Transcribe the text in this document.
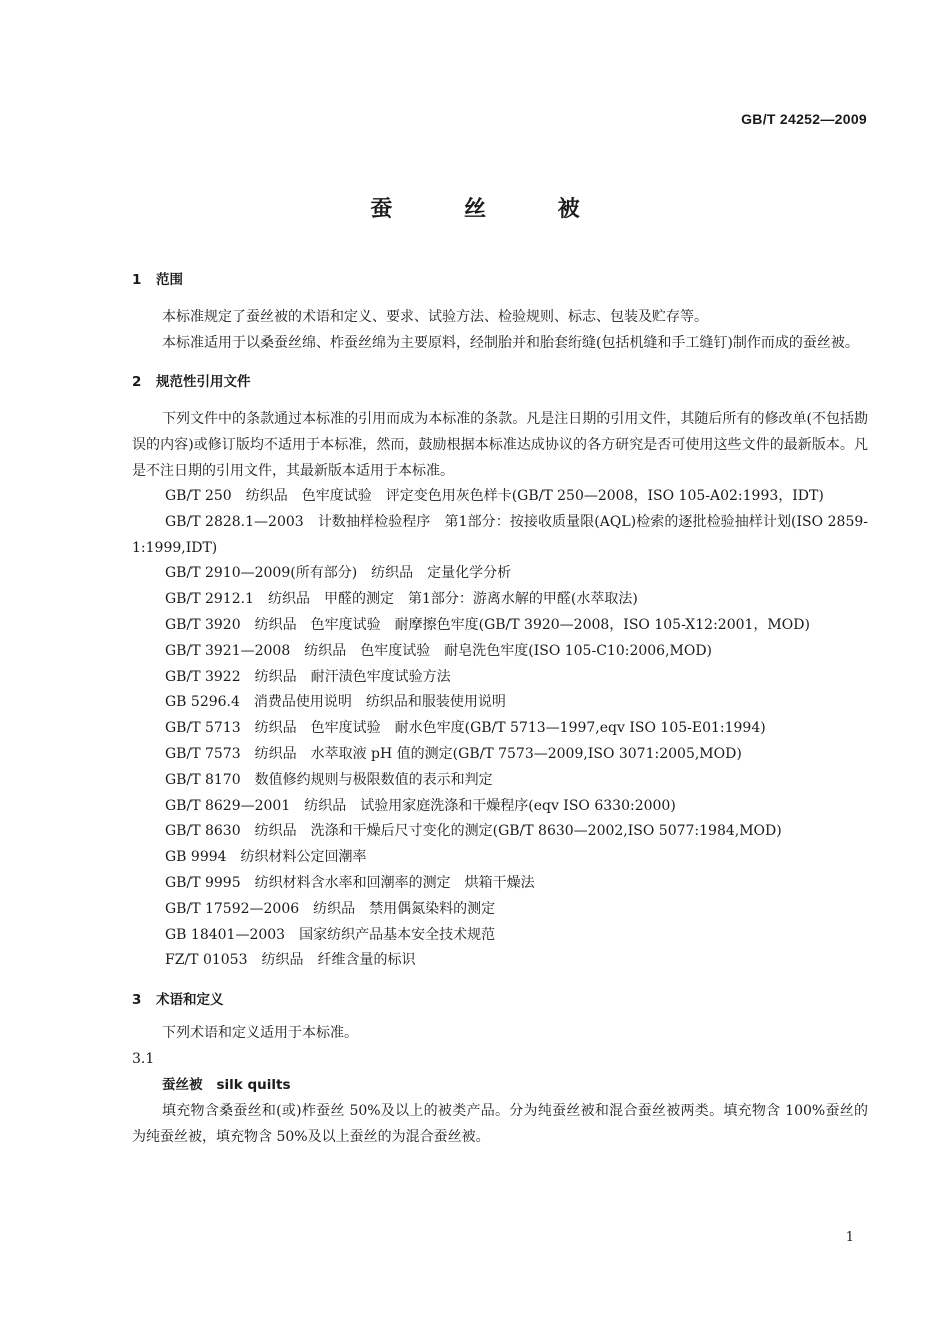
GB/T 24252—2009
蚕 丝 被
1 范围

本标准规定了蚕丝被的术语和定义、要求、试验方法、检验规则、标志、包装及贮存等。

本标准适用于以桑蚕丝绵、柞蚕丝绵为主要原料，经制胎并和胎套绗缝(包括机缝和手工缝钉)制作而成的蚕丝被。

2 规范性引用文件

下列文件中的条款通过本标准的引用而成为本标准的条款。凡是注日期的引用文件，其随后所有的修改单(不包括勘误的内容)或修订版均不适用于本标准，然而，鼓励根据本标准达成协议的各方研究是否可使用这些文件的最新版本。凡是不注日期的引用文件，其最新版本适用于本标准。

GB/T 250　纺织品　色牢度试验　评定变色用灰色样卡(GB/T 250—2008，ISO 105-A02:1993，IDT)

GB/T 2828.1—2003　计数抽样检验程序　第1部分：按接收质量限(AQL)检索的逐批检验抽样计划(ISO 2859-1:1999,IDT)

GB/T 2910—2009(所有部分)　纺织品　定量化学分析

GB/T 2912.1　纺织品　甲醛的测定　第1部分：游离水解的甲醛(水萃取法)

GB/T 3920　纺织品　色牢度试验　耐摩擦色牢度(GB/T 3920—2008，ISO 105-X12:2001，MOD)

GB/T 3921—2008　纺织品　色牢度试验　耐皂洗色牢度(ISO 105-C10:2006,MOD)

GB/T 3922　纺织品　耐汗渍色牢度试验方法

GB 5296.4　消费品使用说明　纺织品和服装使用说明

GB/T 5713　纺织品　色牢度试验　耐水色牢度(GB/T 5713—1997,eqv ISO 105-E01:1994)

GB/T 7573　纺织品　水萃取液 pH 值的测定(GB/T 7573—2009,ISO 3071:2005,MOD)

GB/T 8170　数值修约规则与极限数值的表示和判定

GB/T 8629—2001　纺织品　试验用家庭洗涤和干燥程序(eqv ISO 6330:2000)

GB/T 8630　纺织品　洗涤和干燥后尺寸变化的测定(GB/T 8630—2002,ISO 5077:1984,MOD)

GB 9994　纺织材料公定回潮率

GB/T 9995　纺织材料含水率和回潮率的测定　烘箱干燥法

GB/T 17592—2006　纺织品　禁用偶氮染料的测定

GB 18401—2003　国家纺织产品基本安全技术规范

FZ/T 01053　纺织品　纤维含量的标识

3 术语和定义

下列术语和定义适用于本标准。

3.1

蚕丝被 silk quilts

填充物含桑蚕丝和(或)柞蚕丝 50%及以上的被类产品。分为纯蚕丝被和混合蚕丝被两类。填充物含 100%蚕丝的为纯蚕丝被，填充物含 50%及以上蚕丝的为混合蚕丝被。

1
